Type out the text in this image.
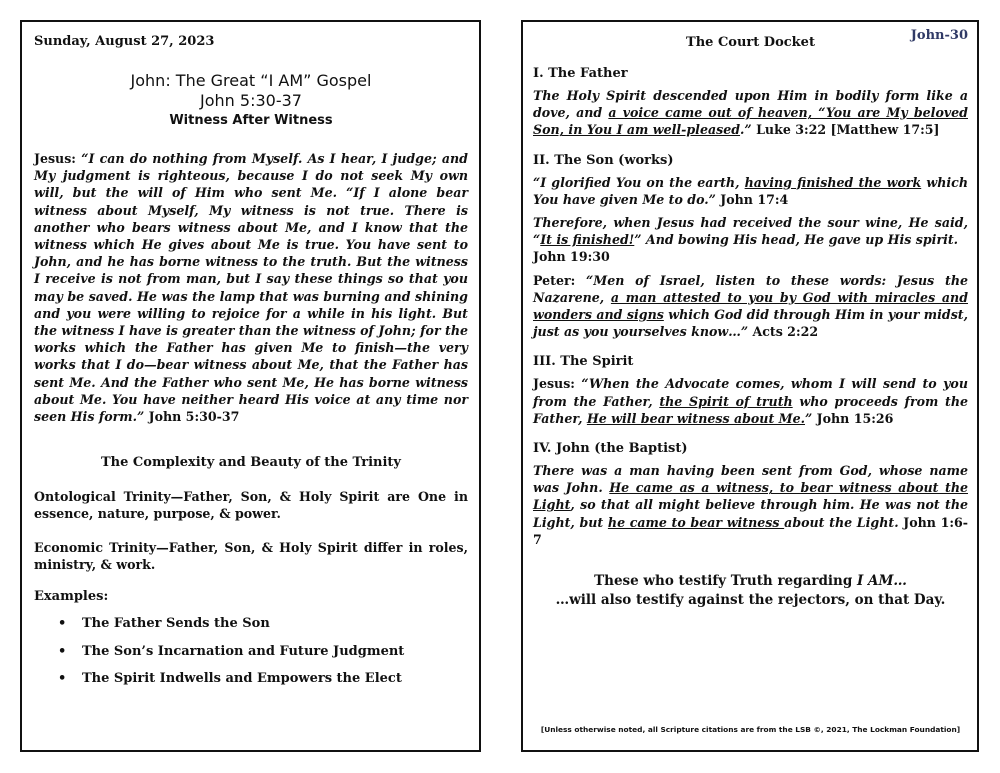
Sunday, August 27, 2023
John: The Great “I AM” Gospel
John 5:30-37
Witness After Witness

Jesus: “I can do nothing from Myself. As I hear, I judge; and My judgment is righteous, because I do not seek My own will, but the will of Him who sent Me. “If I alone bear witness about Myself, My witness is not true. There is another who bears witness about Me, and I know that the witness which He gives about Me is true. You have sent to John, and he has borne witness to the truth. But the witness I receive is not from man, but I say these things so that you may be saved. He was the lamp that was burning and shining and you were willing to rejoice for a while in his light. But the witness I have is greater than the witness of John; for the works which the Father has given Me to finish—the very works that I do—bear witness about Me, that the Father has sent Me. And the Father who sent Me, He has borne witness about Me. You have neither heard His voice at any time nor seen His form.” John 5:30-37

The Complexity and Beauty of the Trinity

Ontological Trinity—Father, Son, & Holy Spirit are One in essence, nature, purpose, & power.

Economic Trinity—Father, Son, & Holy Spirit differ in roles, ministry, & work.

Examples:
• The Father Sends the Son
• The Son’s Incarnation and Future Judgment
• The Spirit Indwells and Empowers the Elect
The Court Docket	John-30
I. The Father

The Holy Spirit descended upon Him in bodily form like a dove, and a voice came out of heaven, “You are My beloved Son, in You I am well-pleased.” Luke 3:22 [Matthew 17:5]

II. The Son (works)

“I glorified You on the earth, having finished the work which You have given Me to do.” John 17:4

Therefore, when Jesus had received the sour wine, He said, “It is finished!” And bowing His head, He gave up His spirit.
John 19:30

Peter: “Men of Israel, listen to these words: Jesus the Nazarene, a man attested to you by God with miracles and wonders and signs which God did through Him in your midst, just as you yourselves know…” Acts 2:22

III. The Spirit

Jesus: “When the Advocate comes, whom I will send to you from the Father, the Spirit of truth who proceeds from the Father, He will bear witness about Me.” John 15:26

IV. John (the Baptist)

There was a man having been sent from God, whose name was John. He came as a witness, to bear witness about the Light, so that all might believe through him. He was not the Light, but he came to bear witness about the Light. John 1:6-7

These who testify Truth regarding I AM…
…will also testify against the rejectors, on that Day.
[Unless otherwise noted, all Scripture citations are from the LSB ©, 2021, The Lockman Foundation]
